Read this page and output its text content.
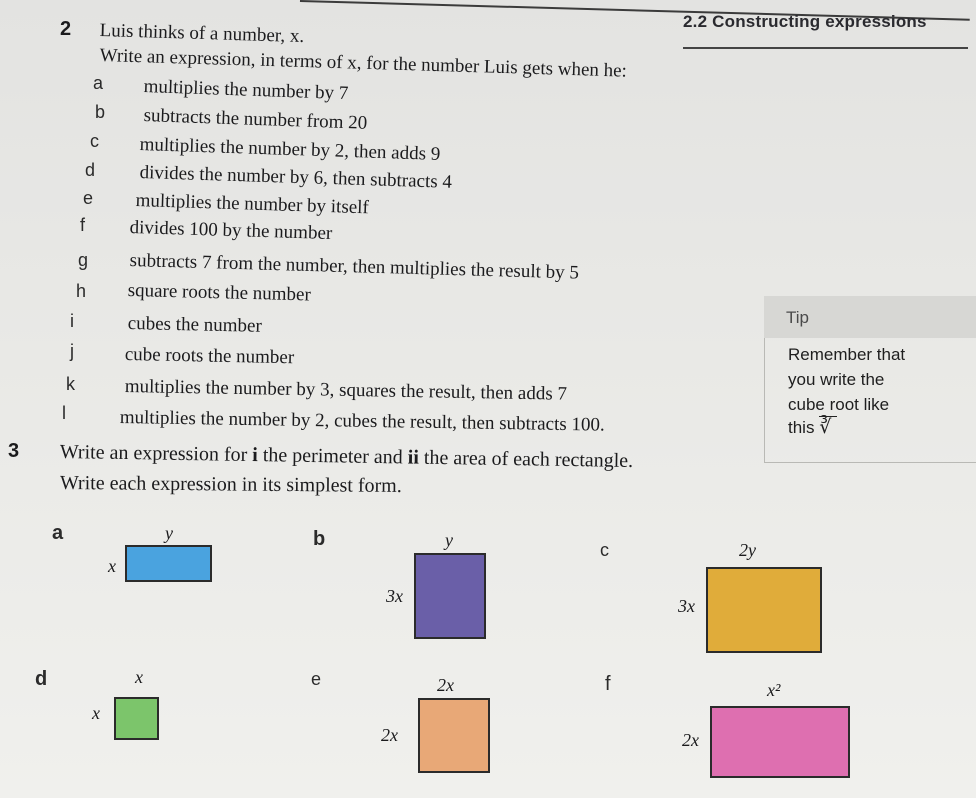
2.2 Constructing expressions
2 Luis thinks of a number, x.
Write an expression, in terms of x, for the number Luis gets when he:
a multiplies the number by 7
b subtracts the number from 20
c multiplies the number by 2, then adds 9
d divides the number by 6, then subtracts 4
e multiplies the number by itself
f divides 100 by the number
g subtracts 7 from the number, then multiplies the result by 5
h square roots the number
i	cubes the number
j	cube roots the number
k	multiplies the number by 3, squares the result, then adds 7
l	multiplies the number by 2, cubes the result, then subtracts 100.
Tip
Remember that
you write the
cube root like
this ∛
3 Write an expression for i the perimeter and ii the area of each rectangle.
Write each expression in its simplest form.
a	y
x
b	y
3x
c	2y
3x
d	x
x
e	2x
2x
f	x²
2x
